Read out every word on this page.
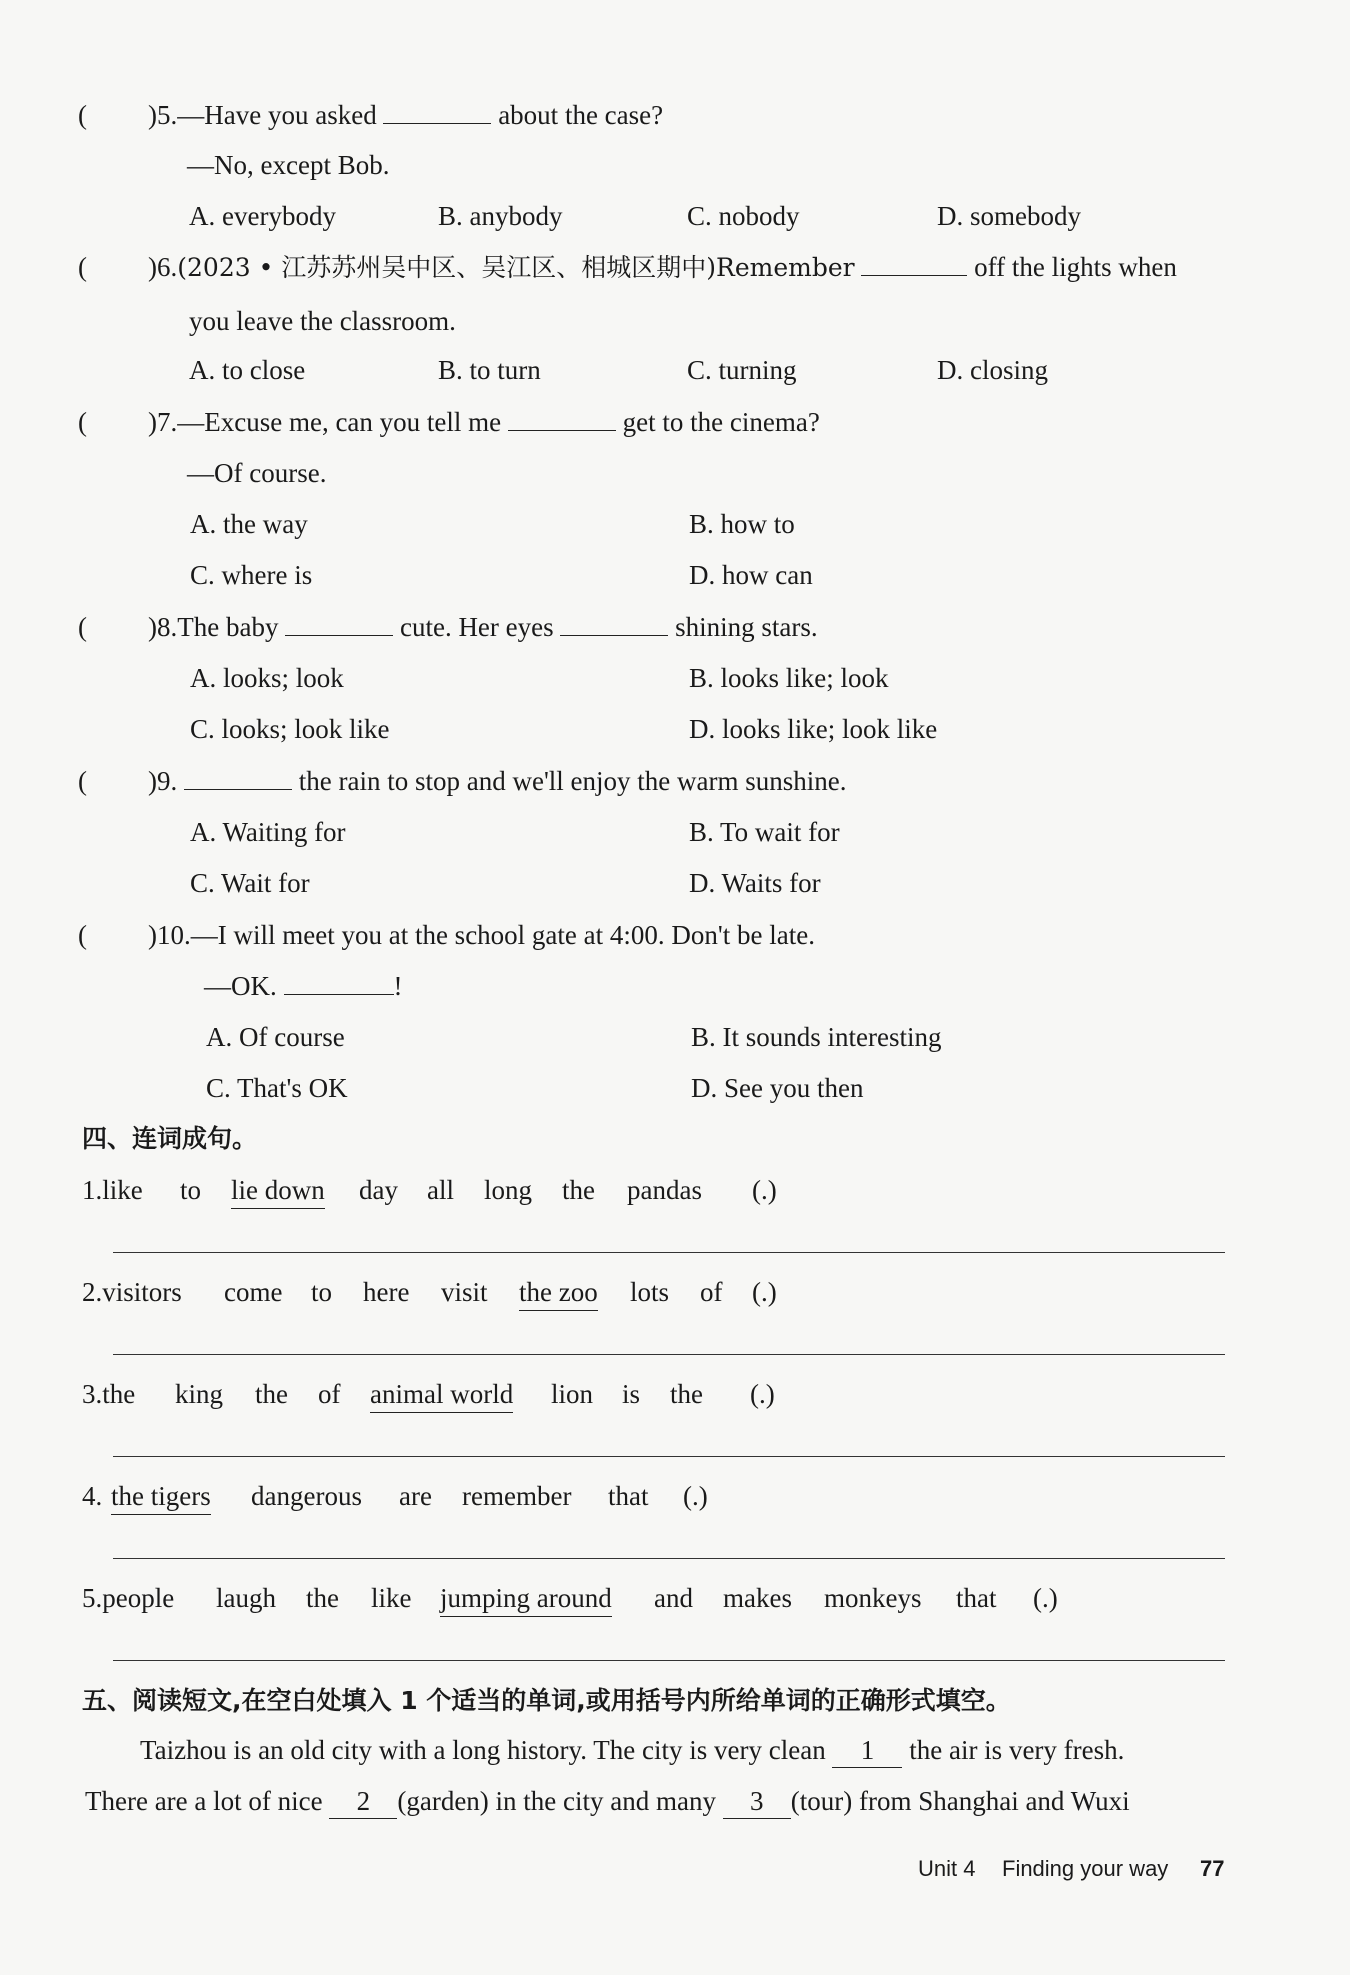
( )5.—Have you asked	about the case?
—No, except Bob.
A. everybody	B. anybody	C. nobody	D. somebody
( )6.(2023 • 江苏苏州吴中区、吴江区、相城区期中)Remember	off the lights when
you leave the classroom.
A. to close	B. to turn	C. turning	D. closing
( )7.—Excuse me, can you tell me	get to the cinema?
—Of course.
A. the way	B. how to
C. where is	D. how can
( )8.The baby	cute. Her eyes	shining stars.
A. looks; look	B. looks like; look
C. looks; look like	D. looks like; look like
( )9.	the rain to stop and we'll enjoy the warm sunshine.
A. Waiting for	B. To wait for
C. Wait for	D. Waits for
( )10.—I will meet you at the school gate at 4:00. Don't be late.
—OK.	!
A. Of course	B. It sounds interesting
C. That's OK	D. See you then
四、连词成句。
1.like to lie down day all long the pandas (.)
2.visitors come to here visit the zoo lots of (.)
3.the king the of animal world lion is the (.)
4. the tigers dangerous are remember that (.)
5.people laugh the like jumping around and makes monkeys that (.)
五、阅读短文,在空白处填入 1 个适当的单词,或用括号内所给单词的正确形式填空。
Taizhou is an old city with a long history. The city is very clean 1 the air is very fresh.
There are a lot of nice 2 (garden) in the city and many 3 (tour) from Shanghai and Wuxi
Unit 4 Finding your way 77
